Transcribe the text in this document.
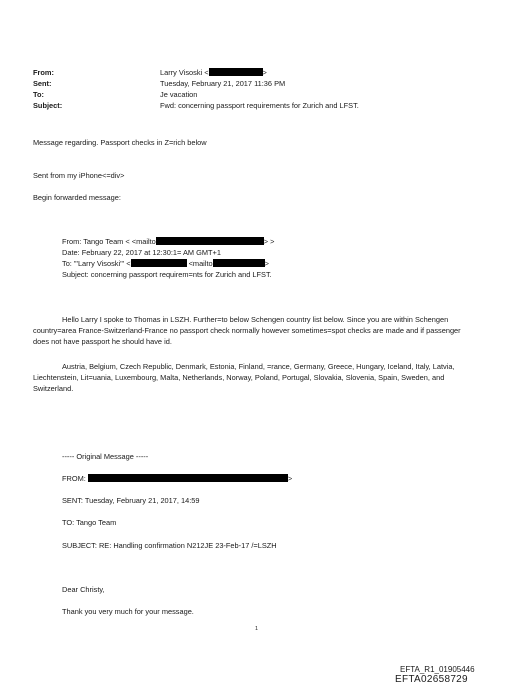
From:	Larry Visoski <	>
Sent:	Tuesday, February 21, 2017 11:36 PM
To:	Je vacation
Subject:	Fwd: concerning passport requirements for Zurich and LFST.
Message regarding. Passport checks in Z=rich below
Sent from my iPhone<=div>
Begin forwarded message:
From: Tango Team < <mailto	> >
Date: February 22, 2017 at 12:30:1= AM GMT+1
To: "'Larry Visoski'" <	<mailto	>
Subject: concerning passport requirem=nts for Zurich and LFST.
Hello Larry I spoke to Thomas in LSZH. Further=to below Schengen country list below. Since you are within Schengen country=area France-Switzerland-France no passport check normally however sometimes=spot checks are made and if passenger does not have passport he should have id.
Austria, Belgium, Czech Republic, Denmark, Estonia, Finland, =rance, Germany, Greece, Hungary, Iceland, Italy, Latvia, Liechtenstein, Lit=uania, Luxembourg, Malta, Netherlands, Norway, Poland, Portugal, Slovakia, Slovenia, Spain, Sweden, and Switzerland.
----- Original Message -----
FROM:	>
SENT: Tuesday, February 21, 2017, 14:59
TO: Tango Team
SUBJECT: RE: Handling confirmation N212JE 23-Feb-17 /=LSZH
Dear Christy,
Thank you very much for your message.
1
EFTA_R1_01905446
EFTA02658729
